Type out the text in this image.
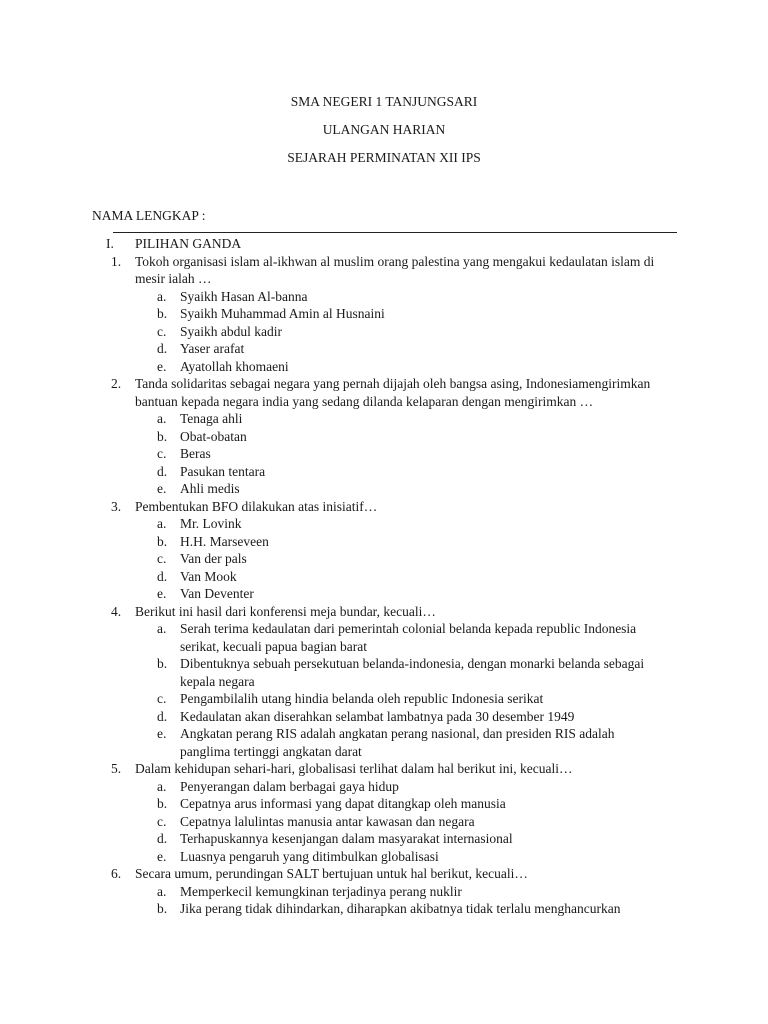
SMA NEGERI 1 TANJUNGSARI
ULANGAN HARIAN
SEJARAH PERMINATAN XII IPS
NAMA LENGKAP :
I. PILIHAN GANDA
1. Tokoh organisasi islam al-ikhwan al muslim orang palestina yang mengakui kedaulatan islam di mesir ialah …
a. Syaikh Hasan Al-banna
b. Syaikh Muhammad Amin al Husnaini
c. Syaikh abdul kadir
d. Yaser arafat
e. Ayatollah khomaeni
2. Tanda solidaritas sebagai negara yang pernah dijajah oleh bangsa asing, Indonesiamengirimkan bantuan kepada negara india yang sedang dilanda kelaparan dengan mengirimkan …
a. Tenaga ahli
b. Obat-obatan
c. Beras
d. Pasukan tentara
e. Ahli medis
3. Pembentukan BFO dilakukan atas inisiatif…
a. Mr. Lovink
b. H.H. Marseveen
c. Van der pals
d. Van Mook
e. Van Deventer
4. Berikut ini hasil dari konferensi meja bundar, kecuali…
a. Serah terima kedaulatan dari pemerintah colonial belanda kepada republic Indonesia serikat, kecuali papua bagian barat
b. Dibentuknya sebuah persekutuan belanda-indonesia, dengan monarki belanda sebagai kepala negara
c. Pengambilalih utang hindia belanda oleh republic Indonesia serikat
d. Kedaulatan akan diserahkan selambat lambatnya pada 30 desember 1949
e. Angkatan perang RIS adalah angkatan perang nasional, dan presiden RIS adalah panglima tertinggi angkatan darat
5. Dalam kehidupan sehari-hari, globalisasi terlihat dalam hal berikut ini, kecuali…
a. Penyerangan dalam berbagai gaya hidup
b. Cepatnya arus informasi yang dapat ditangkap oleh manusia
c. Cepatnya lalulintas manusia antar kawasan dan negara
d. Terhapuskannya kesenjangan dalam masyarakat internasional
e. Luasnya pengaruh yang ditimbulkan globalisasi
6. Secara umum, perundingan SALT bertujuan untuk hal berikut, kecuali…
a. Memperkecil kemungkinan terjadinya perang nuklir
b. Jika perang tidak dihindarkan, diharapkan akibatnya tidak terlalu menghancurkan
